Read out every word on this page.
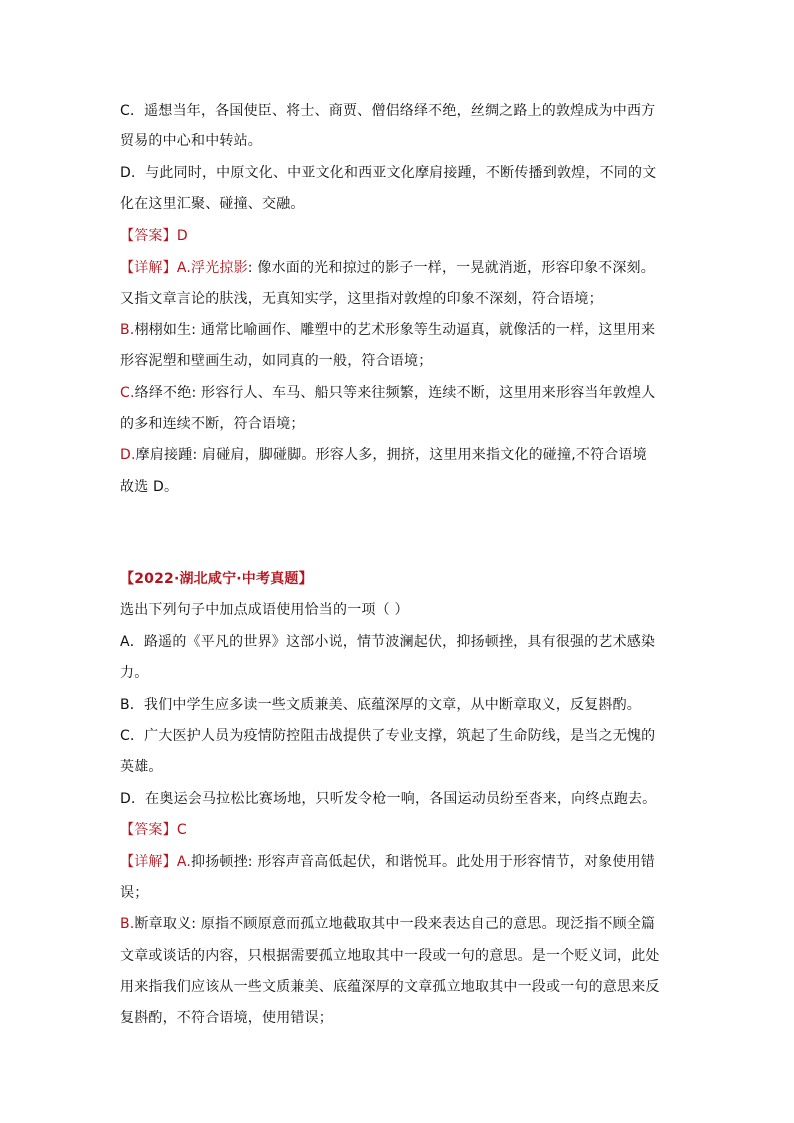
C．遥想当年，各国使臣、将士、商贾、僧侣络绎不绝，丝绸之路上的敦煌成为中西方
贸易的中心和中转站。
D．与此同时，中原文化、中亚文化和西亚文化摩肩接踵，不断传播到敦煌，不同的文
化在这里汇聚、碰撞、交融。
【答案】D
【详解】A.浮光掠影: 像水面的光和掠过的影子一样，一晃就消逝，形容印象不深刻。
又指文章言论的肤浅，无真知实学，这里指对敦煌的印象不深刻，符合语境；
B.栩栩如生: 通常比喻画作、雕塑中的艺术形象等生动逼真，就像活的一样，这里用来
形容泥塑和壁画生动，如同真的一般，符合语境；
C.络绎不绝: 形容行人、车马、船只等来往频繁，连续不断，这里用来形容当年敦煌人
的多和连续不断，符合语境；
D.摩肩接踵: 肩碰肩，脚碰脚。形容人多，拥挤，这里用来指文化的碰撞,不符合语境
故选 D。
【2022·湖北咸宁·中考真题】
选出下列句子中加点成语使用恰当的一项（ ）
A．路遥的《平凡的世界》这部小说，情节波澜起伏，抑扬顿挫，具有很强的艺术感染
力。
B．我们中学生应多读一些文质兼美、底蕴深厚的文章，从中断章取义，反复斟酌。
C．广大医护人员为疫情防控阻击战提供了专业支撑，筑起了生命防线，是当之无愧的
英雄。
D．在奥运会马拉松比赛场地，只听发令枪一响，各国运动员纷至沓来，向终点跑去。
【答案】C
【详解】A.抑扬顿挫: 形容声音高低起伏，和谐悦耳。此处用于形容情节，对象使用错
误；
B.断章取义: 原指不顾原意而孤立地截取其中一段来表达自己的意思。现泛指不顾全篇
文章或谈话的内容，只根据需要孤立地取其中一段或一句的意思。是一个贬义词，此处
用来指我们应该从一些文质兼美、底蕴深厚的文章孤立地取其中一段或一句的意思来反
复斟酌，不符合语境，使用错误；
